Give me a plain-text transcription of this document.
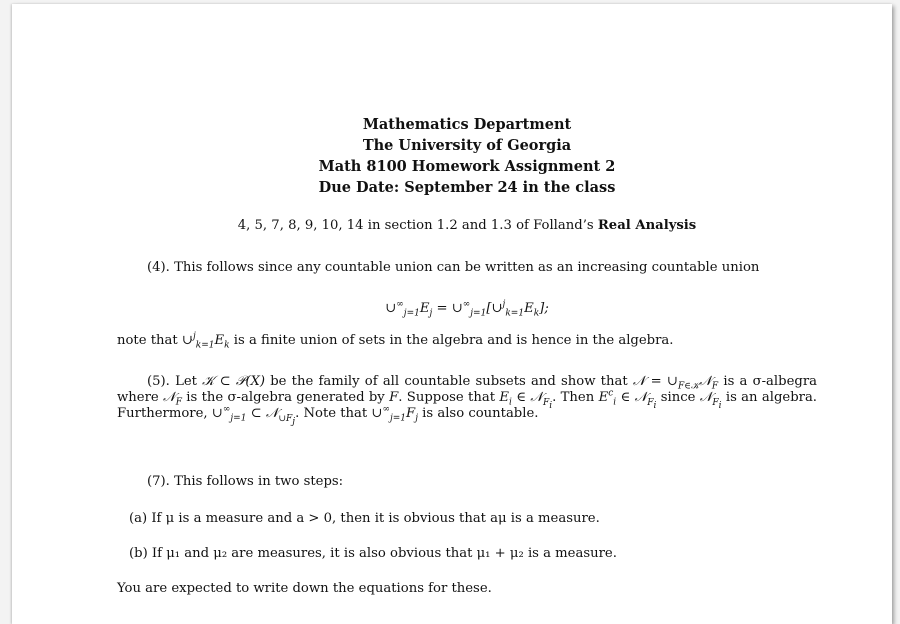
Mathematics Department
The University of Georgia
Math 8100 Homework Assignment 2
Due Date: September 24 in the class
4, 5, 7, 8, 9, 10, 14 in section 1.2 and 1.3 of Folland’s Real Analysis
(4). This follows since any countable union can be written as an increasing countable union
$\cup^\infty_{j=1}E_j$ = $\cup^\infty_{j=1}[\cup^j_{k=1}E_k]$;
note that $\cup^j_{k=1}E_k$ is a finite union of sets in the algebra and is hence in the algebra.
(5). Let 𝒦 ⊂ 𝒫(X) be the family of all countable subsets and show that 𝒩 = $\cup_{F\in 𝒦}𝒩_F$ is a σ-albegra where 𝒩$_F$ is the σ-algebra generated by F. Suppose that $E_i$ ∈ 𝒩$_{F_i}$. Then $E^c_i$ ∈ 𝒩$_{F_i}$ since 𝒩$_{F_i}$ is an algebra. Furthermore, $\cup^\infty_{j=1}$ ⊂ 𝒩$_{\cup F_j}$. Note that $\cup^\infty_{j=1}F_j$ is also countable.
(7). This follows in two steps:
(a) If μ is a measure and a > 0, then it is obvious that aμ is a measure.
(b) If μ₁ and μ₂ are measures, it is also obvious that μ₁ + μ₂ is a measure.
You are expected to write down the equations for these.
